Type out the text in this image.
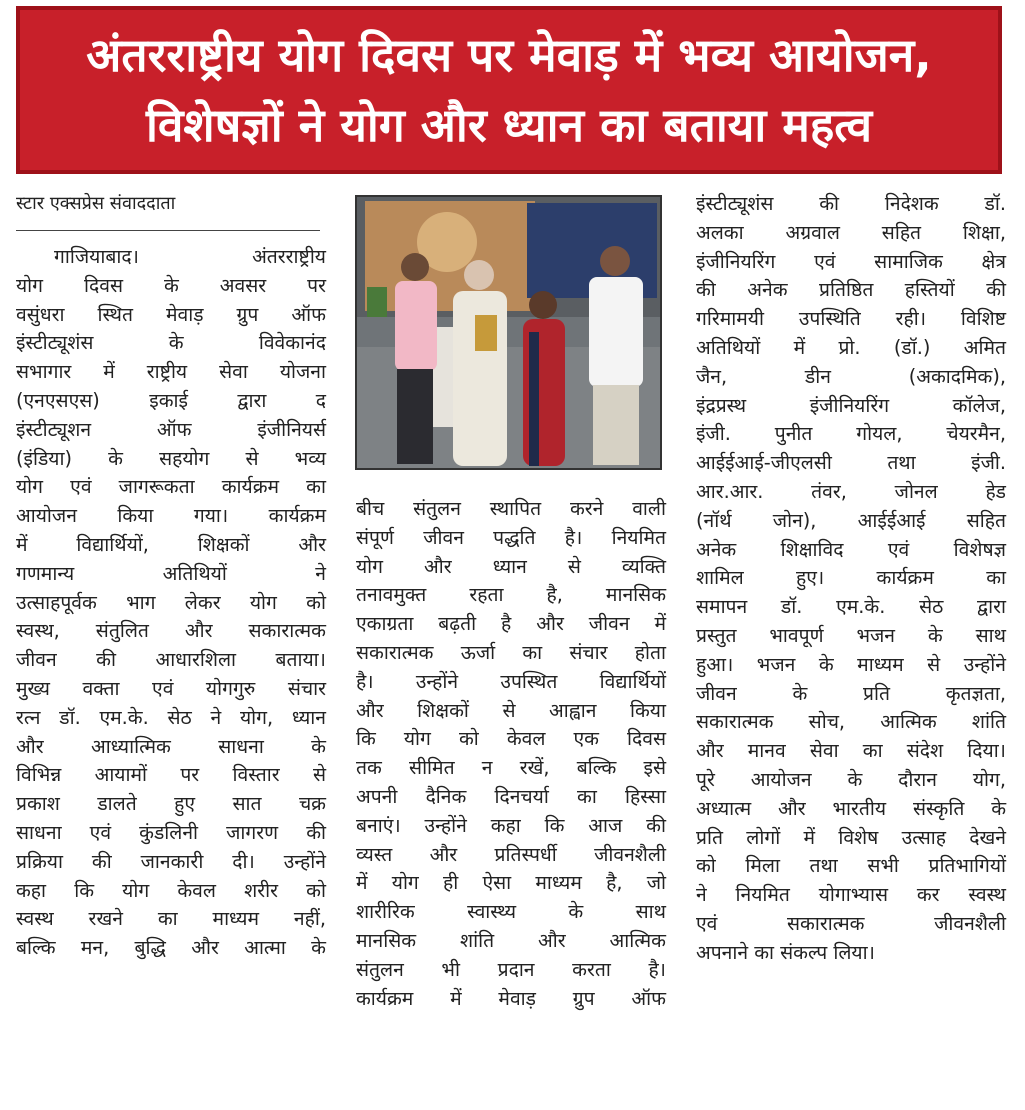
अंतरराष्ट्रीय योग दिवस पर मेवाड़ में भव्य आयोजन,
विशेषज्ञों ने योग और ध्यान का बताया महत्व
स्टार एक्सप्रेस संवाददाता

गाजियाबाद। अंतरराष्ट्रीय

योग दिवस के अवसर पर

वसुंधरा स्थित मेवाड़ ग्रुप ऑफ

इंस्टीट्यूशंस के विवेकानंद

सभागार में राष्ट्रीय सेवा योजना

(एनएसएस) इकाई द्वारा द

इंस्टीट्यूशन ऑफ इंजीनियर्स

(इंडिया) के सहयोग से भव्य

योग एवं जागरूकता कार्यक्रम का

आयोजन किया गया। कार्यक्रम

में विद्यार्थियों, शिक्षकों और

गणमान्य अतिथियों ने

उत्साहपूर्वक भाग लेकर योग को

स्वस्थ, संतुलित और सकारात्मक

जीवन की आधारशिला बताया।

मुख्य वक्ता एवं योगगुरु संचार

रत्न डॉ. एम.के. सेठ ने योग, ध्यान

और आध्यात्मिक साधना के

विभिन्न आयामों पर विस्तार से

प्रकाश डालते हुए सात चक्र

साधना एवं कुंडलिनी जागरण की

प्रक्रिया की जानकारी दी। उन्होंने

कहा कि योग केवल शरीर को

स्वस्थ रखने का माध्यम नहीं,

बल्कि मन, बुद्धि और आत्मा के

बीच संतुलन स्थापित करने वाली

संपूर्ण जीवन पद्धति है। नियमित

योग और ध्यान से व्यक्ति

तनावमुक्त रहता है, मानसिक

एकाग्रता बढ़ती है और जीवन में

सकारात्मक ऊर्जा का संचार होता

है। उन्होंने उपस्थित विद्यार्थियों

और शिक्षकों से आह्वान किया

कि योग को केवल एक दिवस

तक सीमित न रखें, बल्कि इसे

अपनी दैनिक दिनचर्या का हिस्सा

बनाएं। उन्होंने कहा कि आज की

व्यस्त और प्रतिस्पर्धी जीवनशैली

में योग ही ऐसा माध्यम है, जो

शारीरिक स्वास्थ्य के साथ

मानसिक शांति और आत्मिक

संतुलन भी प्रदान करता है।

कार्यक्रम में मेवाड़ ग्रुप ऑफ

इंस्टीट्यूशंस की निदेशक डॉ.

अलका अग्रवाल सहित शिक्षा,

इंजीनियरिंग एवं सामाजिक क्षेत्र

की अनेक प्रतिष्ठित हस्तियों की

गरिमामयी उपस्थिति रही। विशिष्ट

अतिथियों में प्रो. (डॉ.) अमित

जैन, डीन (अकादमिक),

इंद्रप्रस्थ इंजीनियरिंग कॉलेज,

इंजी. पुनीत गोयल, चेयरमैन,

आईईआई-जीएलसी तथा इंजी.

आर.आर. तंवर, जोनल हेड

(नॉर्थ जोन), आईईआई सहित

अनेक शिक्षाविद एवं विशेषज्ञ

शामिल हुए। कार्यक्रम का

समापन डॉ. एम.के. सेठ द्वारा

प्रस्तुत भावपूर्ण भजन के साथ

हुआ। भजन के माध्यम से उन्होंने

जीवन के प्रति कृतज्ञता,

सकारात्मक सोच, आत्मिक शांति

और मानव सेवा का संदेश दिया।

पूरे आयोजन के दौरान योग,

अध्यात्म और भारतीय संस्कृति के

प्रति लोगों में विशेष उत्साह देखने

को मिला तथा सभी प्रतिभागियों

ने नियमित योगाभ्यास कर स्वस्थ

एवं सकारात्मक जीवनशैली

अपनाने का संकल्प लिया।
